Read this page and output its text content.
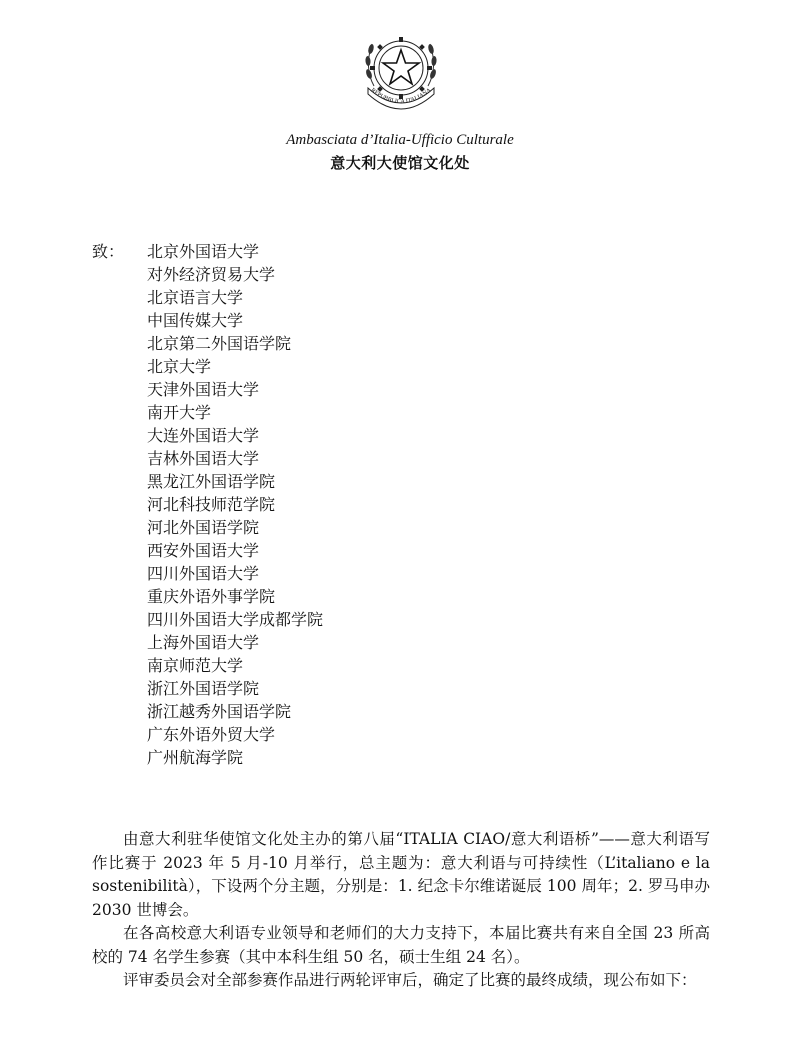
REPUBBLICA ITALIANA
Ambasciata d’Italia-Ufficio Culturale
意大利大使馆文化处
致： 北京外国语大学
对外经济贸易大学
北京语言大学
中国传媒大学
北京第二外国语学院
北京大学
天津外国语大学
南开大学
大连外国语大学
吉林外国语大学
黑龙江外国语学院
河北科技师范学院
河北外国语学院
西安外国语大学
四川外国语大学
重庆外语外事学院
四川外国语大学成都学院
上海外国语大学
南京师范大学
浙江外国语学院
浙江越秀外国语学院
广东外语外贸大学
广州航海学院

由意大利驻华使馆文化处主办的第八届“ITALIA CIAO/意大利语桥”——意大利语写作比赛于 2023 年 5 月-10 月举行，总主题为：意大利语与可持续性（L’italiano e la sostenibilità），下设两个分主题，分别是：1. 纪念卡尔维诺诞辰 100 周年；2. 罗马申办 2030 世博会。

在各高校意大利语专业领导和老师们的大力支持下，本届比赛共有来自全国 23 所高校的 74 名学生参赛（其中本科生组 50 名，硕士生组 24 名）。

评审委员会对全部参赛作品进行两轮评审后，确定了比赛的最终成绩，现公布如下：
